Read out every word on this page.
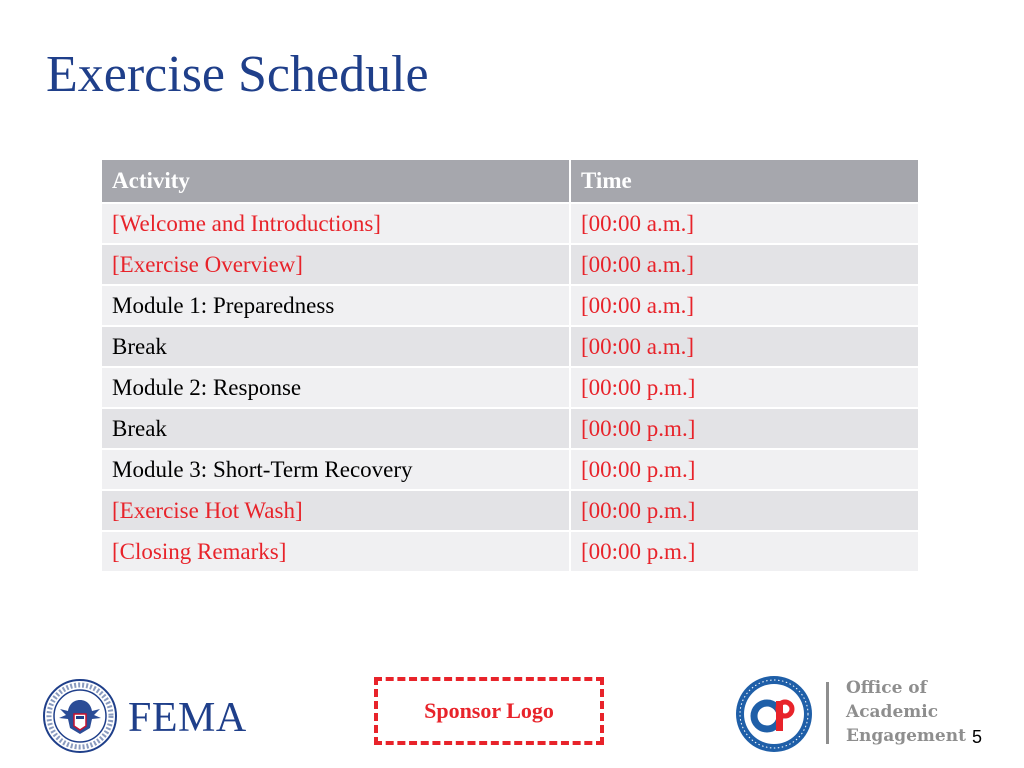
Exercise Schedule
Activity	Time
[Welcome and Introductions]	[00:00 a.m.]
[Exercise Overview]	[00:00 a.m.]
Module 1: Preparedness	[00:00 a.m.]
Break	[00:00 a.m.]
Module 2: Response	[00:00 p.m.]
Break	[00:00 p.m.]
Module 3: Short-Term Recovery	[00:00 p.m.]
[Exercise Hot Wash]	[00:00 p.m.]
[Closing Remarks]	[00:00 p.m.]
FEMA	Sponsor Logo
Office of
Academic
Engagement 5
